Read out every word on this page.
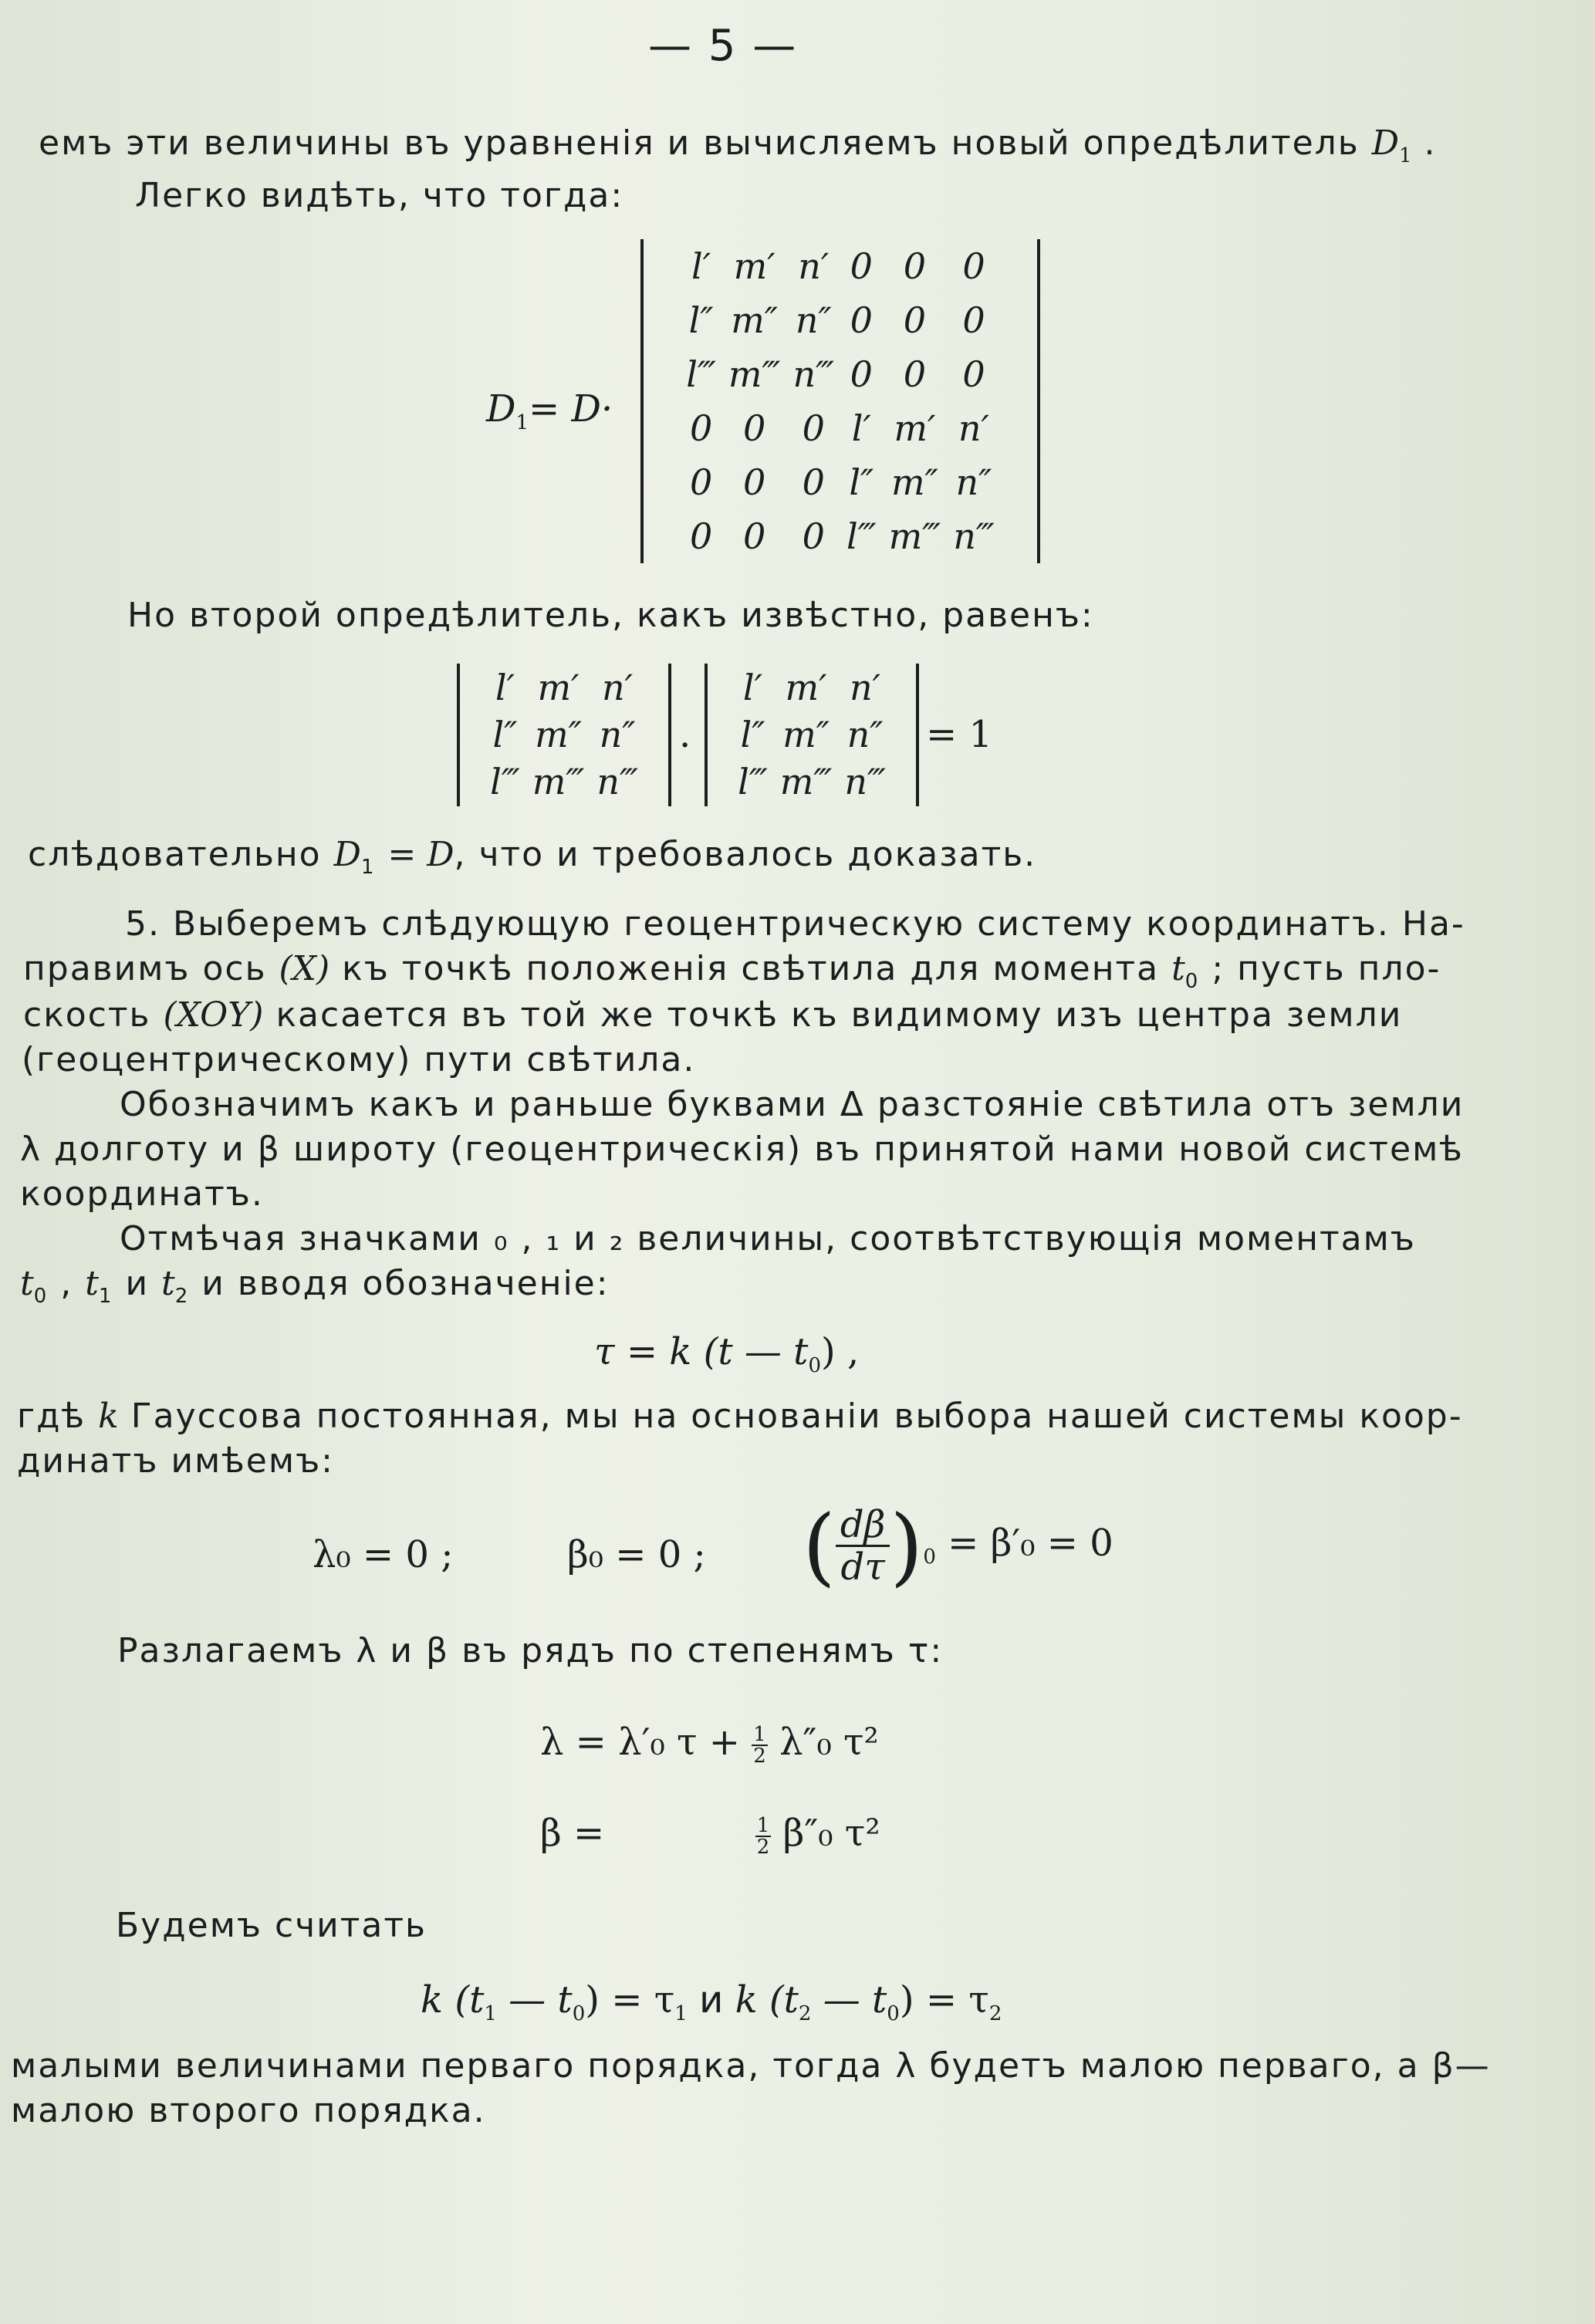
— 5 —
емъ эти величины въ уравненія и вычисляемъ новый опредѣлитель $D_1$ .
Легко видѣть, что тогда:
$D_1= D\cdot$
l′	m′	n′	0	0	0
l″	m″	n″	0	0	0
l‴	m‴	n‴	0	0	0
0	0	0	l′	m′	n′
0	0	0	l″	m″	n″
0	0	0	l‴	m‴	n‴
Но второй опредѣлитель, какъ извѣстно, равенъ:
l′	m′	n′
l″	m″	n″
l‴	m‴	n‴
.
l′	m′	n′
l″	m″	n″
l‴	m‴	n‴
= 1
слѣдовательно $D_1 = D$, что и требовалось доказать.
5. Выберемъ слѣдующую геоцентрическую систему координатъ. На-
правимъ ось (X) къ точкѣ положенія свѣтила для момента $t_0$ ; пусть пло-
скость (XOY) касается въ той же точкѣ къ видимому изъ центра земли
(геоцентрическому) пути свѣтила.
Обозначимъ какъ и раньше буквами Δ разстояніе свѣтила отъ земли
λ долготу и β широту (геоцентрическія) въ принятой нами новой системѣ
координатъ.
Отмѣчая значками ₀ , ₁ и ₂ величины, соотвѣтствующія моментамъ
$t_0$ , $t_1$ и $t_2$ и вводя обозначеніе:
τ = k (t — $t_0$) ,
гдѣ k Гауссова постоянная, мы на основаніи выбора нашей системы коор-
динатъ имѣемъ:
λ₀ = 0 ;	β₀ = 0 ; ( $\frac{d\beta}{d\tau} )_0 = \beta'_0 = 0$
Разлагаемъ λ и β въ рядъ по степенямъ τ:
λ = λ′₀ $\tau + \frac{1}{2} \lambda''_0$ τ²
β =	$\frac{1}{2} \beta''_0$ τ²
Будемъ считать
k ($t_1$ — $t_0) = \tau_1$ и k ($t_2$ — $t_0) = \tau_2$
малыми величинами перваго порядка, тогда λ будетъ малою перваго, а β—
малою второго порядка.
